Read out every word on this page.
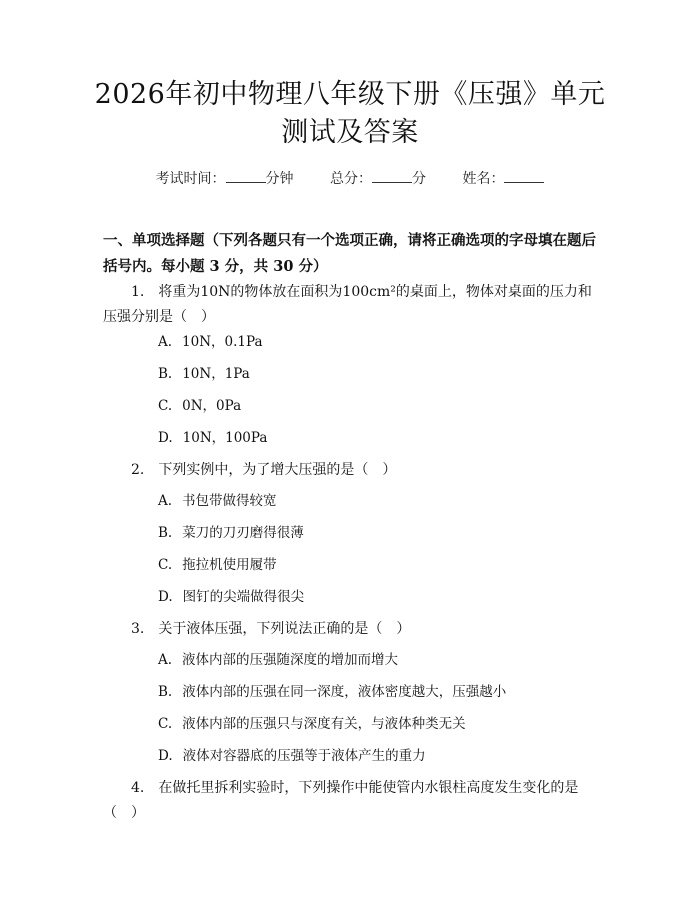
2026年初中物理八年级下册《压强》单元测试及答案
考试时间：	分钟	总分：	分	姓名：
一、单项选择题（下列各题只有一个选项正确，请将正确选项的字母填在题后括号内。每小题 3 分，共 30 分）
1. 将重为10N的物体放在面积为100cm²的桌面上，物体对桌面的压力和压强分别是（　）
A. 10N，0.1Pa
B. 10N，1Pa
C. 0N，0Pa
D. 10N，100Pa
2. 下列实例中，为了增大压强的是（　）
A. 书包带做得较宽
B. 菜刀的刀刃磨得很薄
C. 拖拉机使用履带
D. 图钉的尖端做得很尖
3. 关于液体压强，下列说法正确的是（　）
A. 液体内部的压强随深度的增加而增大
B. 液体内部的压强在同一深度，液体密度越大，压强越小
C. 液体内部的压强只与深度有关，与液体种类无关
D. 液体对容器底的压强等于液体产生的重力
4. 在做托里拆利实验时，下列操作中能使管内水银柱高度发生变化的是（　）
